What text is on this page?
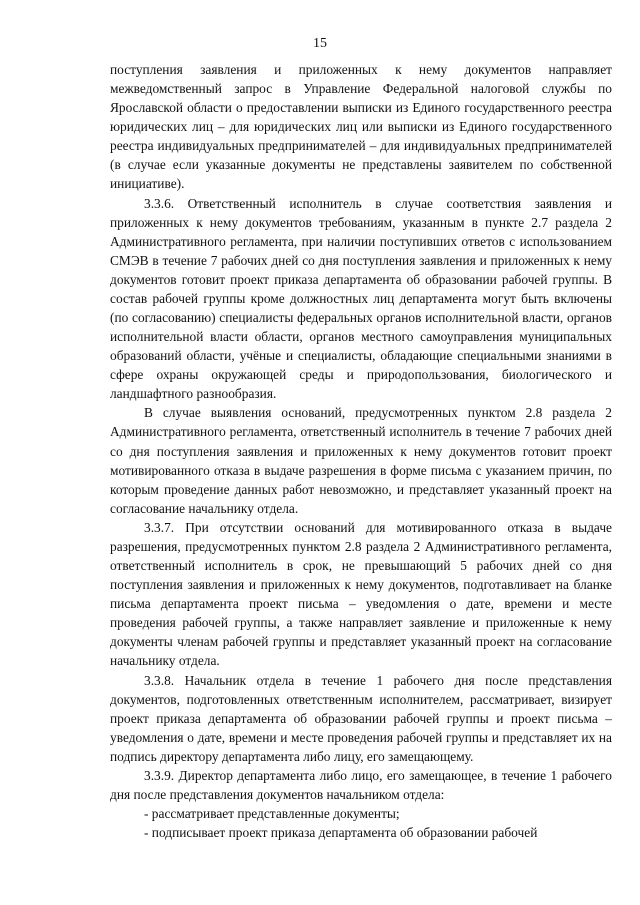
15

поступления заявления и приложенных к нему документов направляет межведомственный запрос в Управление Федеральной налоговой службы по Ярославской области о предоставлении выписки из Единого государственного реестра юридических лиц – для юридических лиц или выписки из Единого государственного реестра индивидуальных предпринимателей – для индивидуальных предпринимателей (в случае если указанные документы не представлены заявителем по собственной инициативе).

3.3.6. Ответственный исполнитель в случае соответствия заявления и приложенных к нему документов требованиям, указанным в пункте 2.7 раздела 2 Административного регламента, при наличии поступивших ответов с использованием СМЭВ в течение 7 рабочих дней со дня поступления заявления и приложенных к нему документов готовит проект приказа департамента об образовании рабочей группы. В состав рабочей группы кроме должностных лиц департамента могут быть включены (по согласованию) специалисты федеральных органов исполнительной власти, органов исполнительной власти области, органов местного самоуправления муниципальных образований области, учёные и специалисты, обладающие специальными знаниями в сфере охраны окружающей среды и природопользования, биологического и ландшафтного разнообразия.

В случае выявления оснований, предусмотренных пунктом 2.8 раздела 2 Административного регламента, ответственный исполнитель в течение 7 рабочих дней со дня поступления заявления и приложенных к нему документов готовит проект мотивированного отказа в выдаче разрешения в форме письма с указанием причин, по которым проведение данных работ невозможно, и представляет указанный проект на согласование начальнику отдела.

3.3.7. При отсутствии оснований для мотивированного отказа в выдаче разрешения, предусмотренных пунктом 2.8 раздела 2 Административного регламента, ответственный исполнитель в срок, не превышающий 5 рабочих дней со дня поступления заявления и приложенных к нему документов, подготавливает на бланке письма департамента проект письма – уведомления о дате, времени и месте проведения рабочей группы, а также направляет заявление и приложенные к нему документы членам рабочей группы и представляет указанный проект на согласование начальнику отдела.

3.3.8. Начальник отдела в течение 1 рабочего дня после представления документов, подготовленных ответственным исполнителем, рассматривает, визирует проект приказа департамента об образовании рабочей группы и проект письма – уведомления о дате, времени и месте проведения рабочей группы и представляет их на подпись директору департамента либо лицу, его замещающему.

3.3.9. Директор департамента либо лицо, его замещающее, в течение 1 рабочего дня после представления документов начальником отдела:

- рассматривает представленные документы;

- подписывает проект приказа департамента об образовании рабочей
